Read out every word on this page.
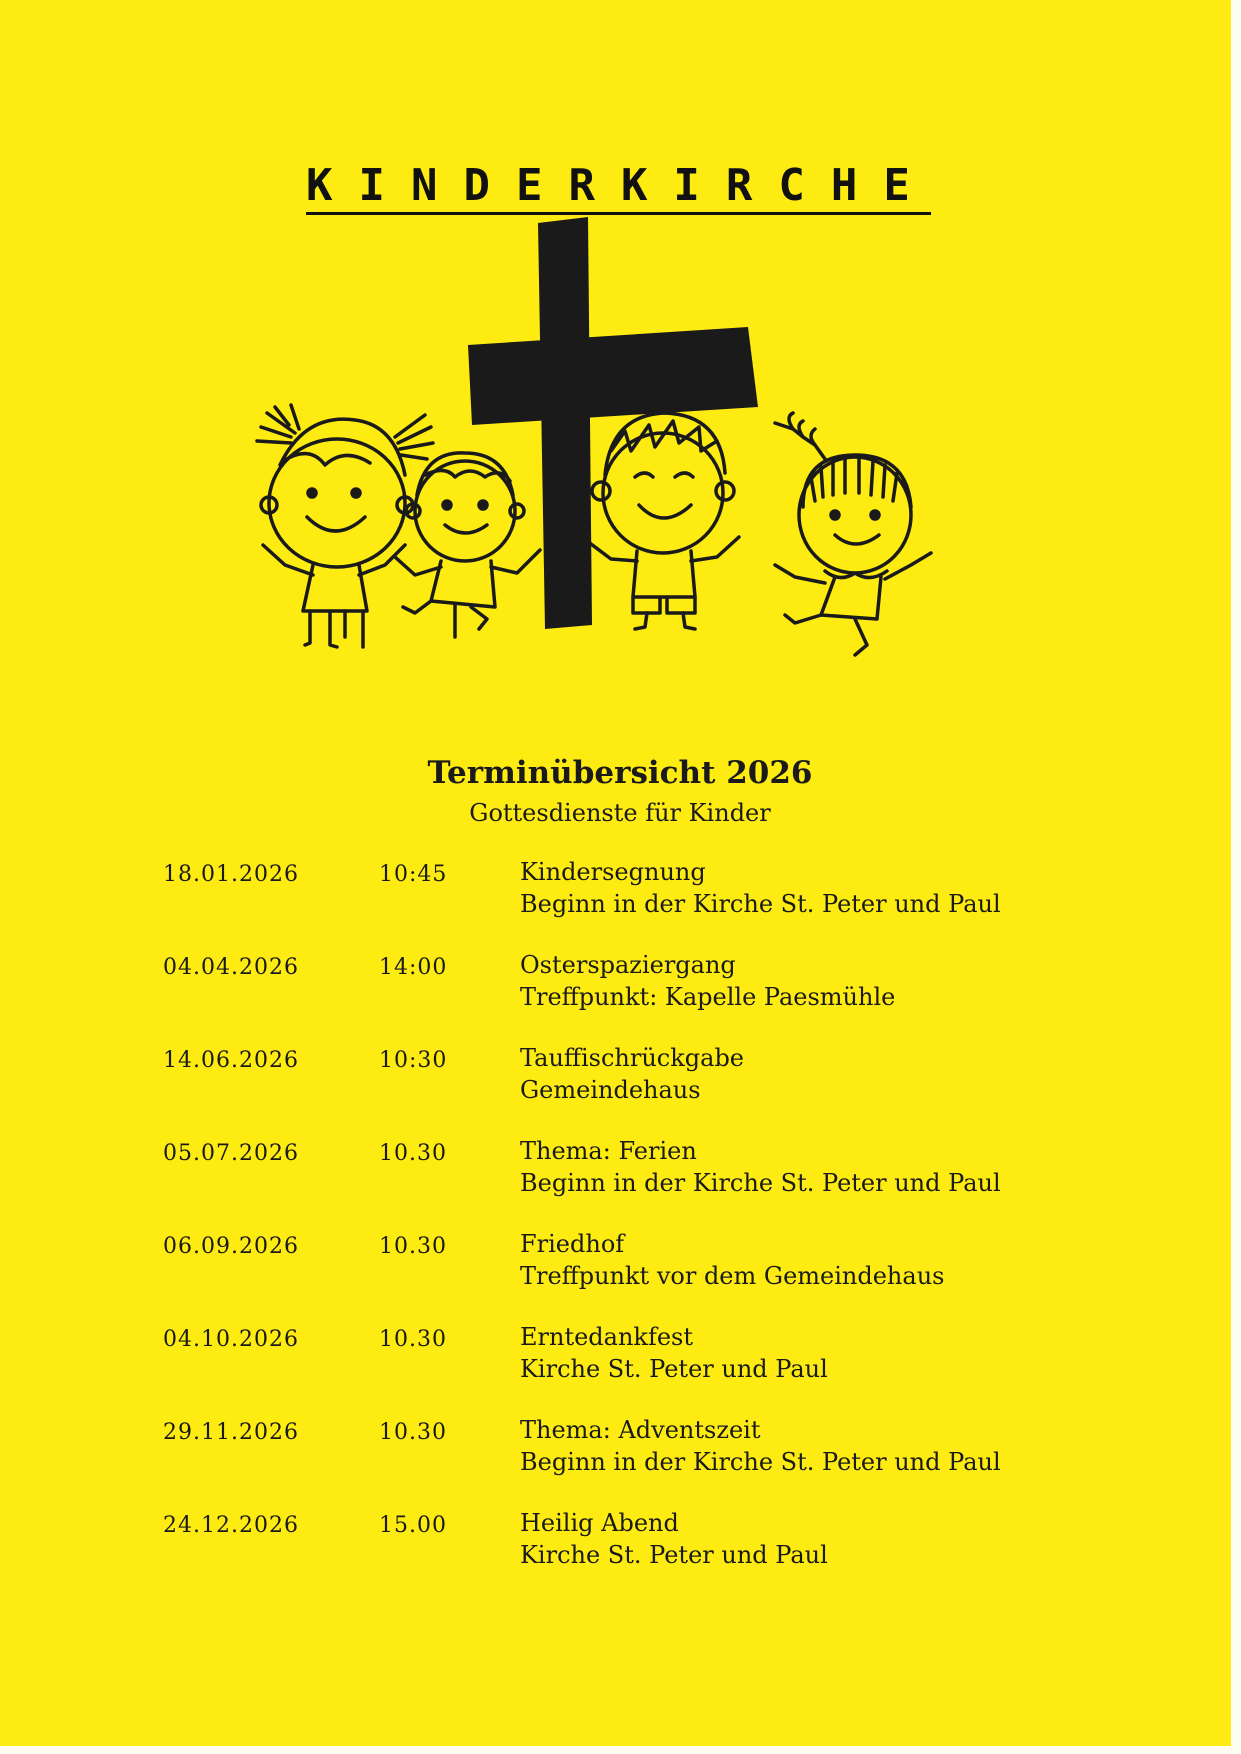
KINDERKIRCHE
Terminübersicht 2026
Gottesdienste für Kinder
18.01.2026	10:45	Kindersegnung
Beginn in der Kirche St. Peter und Paul
04.04.2026	14:00	Osterspaziergang
Treffpunkt: Kapelle Paesmühle
14.06.2026	10:30	Tauffischrückgabe
Gemeindehaus
05.07.2026	10.30	Thema: Ferien
Beginn in der Kirche St. Peter und Paul
06.09.2026	10.30	Friedhof
Treffpunkt vor dem Gemeindehaus
04.10.2026	10.30	Erntedankfest
Kirche St. Peter und Paul
29.11.2026	10.30	Thema: Adventszeit
Beginn in der Kirche St. Peter und Paul
24.12.2026	15.00	Heilig Abend
Kirche St. Peter und Paul
